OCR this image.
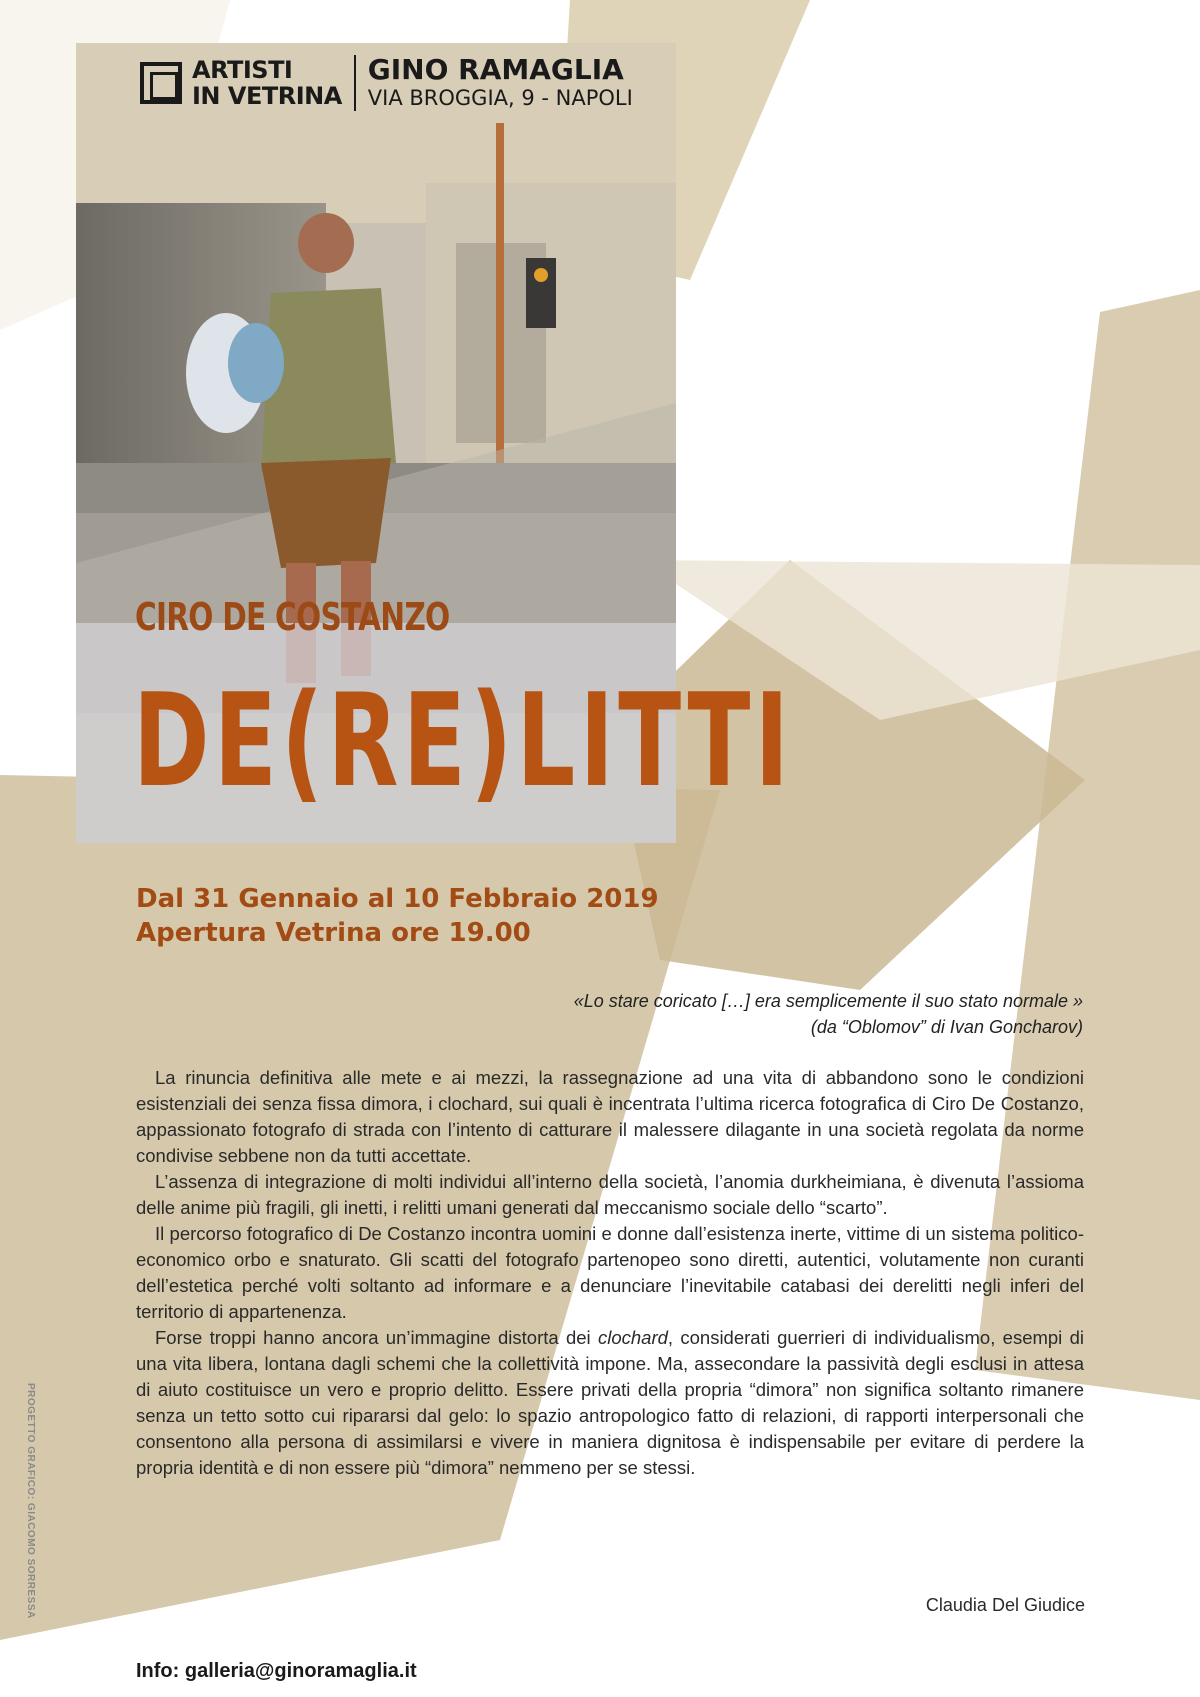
ARTISTI
IN VETRINA
GINO RAMAGLIA
VIA BROGGIA, 9 - NAPOLI
CIRO DE COSTANZO
DE(RE)LITTI
Dal 31 Gennaio al 10 Febbraio 2019
Apertura Vetrina ore 19.00
«Lo stare coricato […] era semplicemente il suo stato normale »
(da “Oblomov” di Ivan Goncharov)

La rinuncia definitiva alle mete e ai mezzi, la rassegnazione ad una vita di abbandono sono le condizioni esistenziali dei senza fissa dimora, i clochard, sui quali è incentrata l’ultima ricerca fotografica di Ciro De Costanzo, appassionato fotografo di strada con l’intento di catturare il malessere dilagante in una società regolata da norme condivise sebbene non da tutti accettate.

L’assenza di integrazione di molti individui all’interno della società, l’anomia durkheimiana, è divenuta l’assioma delle anime più fragili, gli inetti, i relitti umani generati dal meccanismo sociale dello “scarto”.

Il percorso fotografico di De Costanzo incontra uomini e donne dall’esistenza inerte, vittime di un sistema politico-economico orbo e snaturato. Gli scatti del fotografo partenopeo sono diretti, autentici, volutamente non curanti dell’estetica perché volti soltanto ad informare e a denunciare l’inevitabile catabasi dei derelitti negli inferi del territorio di appartenenza.

Forse troppi hanno ancora un’immagine distorta dei clochard, considerati guerrieri di individualismo, esempi di una vita libera, lontana dagli schemi che la collettività impone. Ma, assecondare la passività degli esclusi in attesa di aiuto costituisce un vero e proprio delitto. Essere privati della propria “dimora” non significa soltanto rimanere senza un tetto sotto cui ripararsi dal gelo: lo spazio antropologico fatto di relazioni, di rapporti interpersonali che consentono alla persona di assimilarsi e vivere in maniera dignitosa è indispensabile per evitare di perdere la propria identità e di non essere più “dimora” nemmeno per se stessi.

Claudia Del Giudice
Info: galleria@ginoramaglia.it
PROGETTO GRAFICO: GIACOMO SORRESSA
